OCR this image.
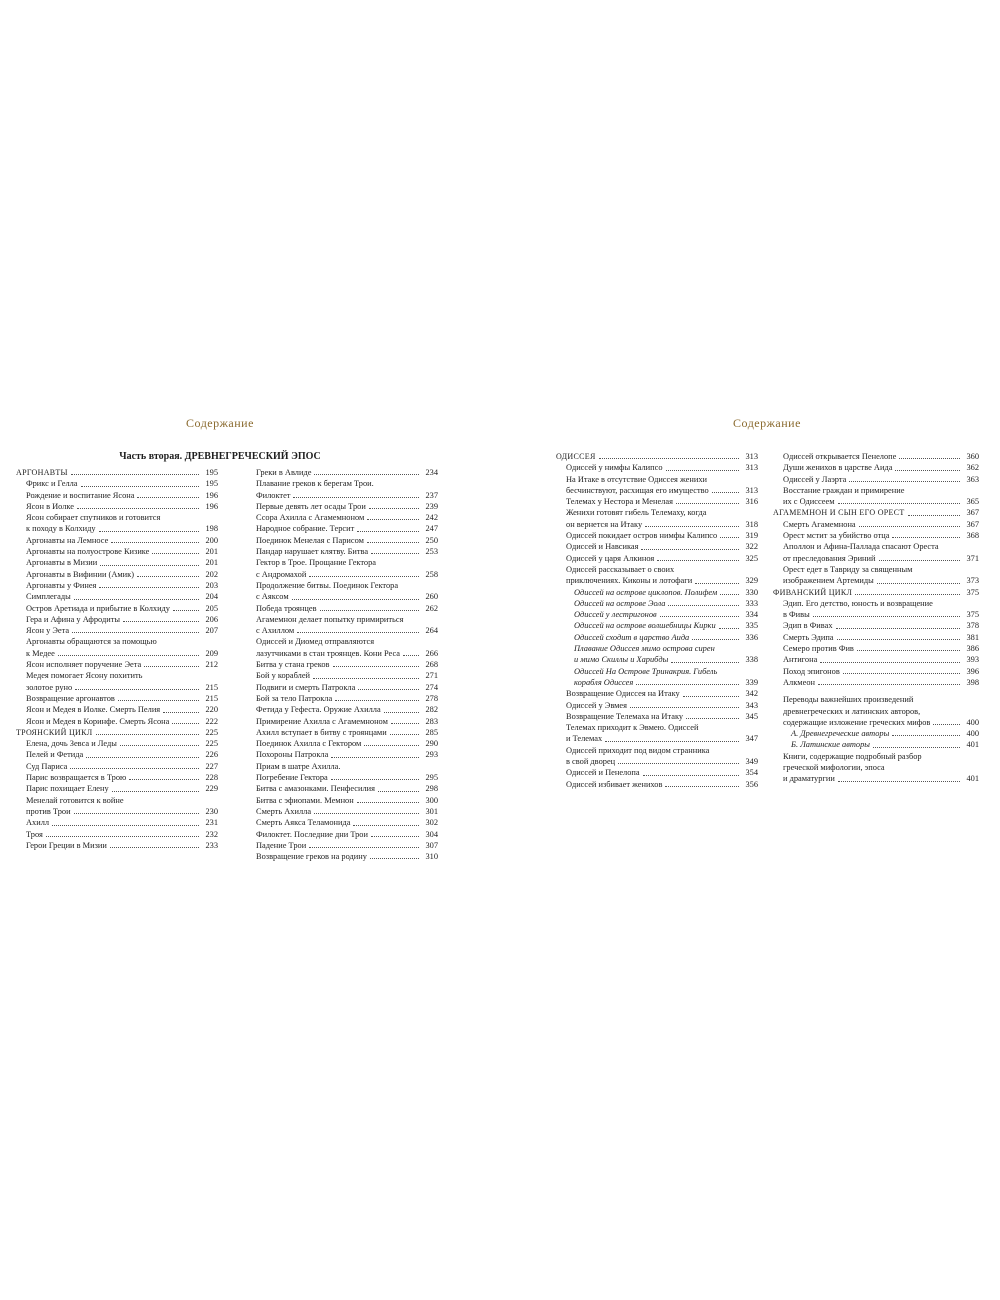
Содержание
Часть вторая. ДРЕВНЕГРЕЧЕСКИЙ ЭПОС
АРГОНАВТЫ	195
Фрикс и Гелла	195
Рождение и воспитание Ясона	196
Ясон в Иолке	196
Ясон собирает спутников и готовится
к походу в Колхиду	198
Аргонавты на Лемносе	200
Аргонавты на полуострове Кизике	201
Аргонавты в Мизии	201
Аргонавты в Вифинии (Амик)	202
Аргонавты у Финея	203
Симплегады	204
Остров Аретиада и прибытие в Колхиду	205
Гера и Афина у Афродиты	206
Ясон у Эета	207
Аргонавты обращаются за помощью
к Медее	209
Ясон исполняет поручение Эета	212
Медея помогает Ясону похитить
золотое руно	215
Возвращение аргонавтов	215
Ясон и Медея в Иолке. Смерть Пелия	220
Ясон и Медея в Коринфе. Смерть Ясона	222
ТРОЯНСКИЙ ЦИКЛ	225
Елена, дочь Зевса и Леды	225
Пелей и Фетида	226
Суд Париса	227
Парис возвращается в Трою	228
Парис похищает Елену	229
Менелай готовится к войне
против Трои	230
Ахилл	231
Троя	232
Герои Греции в Мизии	233
Греки в Авлиде	234
Плавание греков к берегам Трои.
Филоктет	237
Первые девять лет осады Трои	239
Ссора Ахилла с Агамемноном	242
Народное собрание. Терсит	247
Поединок Менелая с Парисом	250
Пандар нарушает клятву. Битва	253
Гектор в Трое. Прощание Гектора
с Андромахой	258
Продолжение битвы. Поединок Гектора
с Аяксом	260
Победа троянцев	262
Агамемнон делает попытку примириться
с Ахиллом	264
Одиссей и Диомед отправляются
лазутчиками в стан троянцев. Кони Реса	266
Битва у стана греков	268
Бой у кораблей	271
Подвиги и смерть Патрокла	274
Бой за тело Патрокла	278
Фетида у Гефеста. Оружие Ахилла	282
Примирение Ахилла с Агамемноном	283
Ахилл вступает в битву с троянцами	285
Поединок Ахилла с Гектором	290
Похороны Патрокла	293
Приам в шатре Ахилла.
Погребение Гектора	295
Битва с амазонками. Пенфесилия	298
Битва с эфиопами. Мемнон	300
Смерть Ахилла	301
Смерть Аякса Теламонида	302
Филоктет. Последние дни Трои	304
Падение Трои	307
Возвращение греков на родину	310
Содержание
ОДИССЕЯ	313
Одиссей у нимфы Калипсо	313
На Итаке в отсутствие Одиссея женихи
бесчинствуют, расхищая его имущество	313
Телемах у Нестора и Менелая	316
Женихи готовят гибель Телемаху, когда
он вернется на Итаку	318
Одиссей покидает остров нимфы Калипсо	319
Одиссей и Навсикая	322
Одиссей у царя Алкиноя	325
Одиссей рассказывает о своих
приключениях. Киконы и лотофаги	329
Одиссей на острове циклопов. Полифем	330
Одиссей на острове Эола	333
Одиссей у лестригонов	334
Одиссей на острове волшебницы Кирки	335
Одиссей сходит в царство Аида	336
Плавание Одиссея мимо острова сирен
и мимо Скиллы и Харибды	338
Одиссей На Острове Тринакрия. Гибель
корабля Одиссея	339
Возвращение Одиссея на Итаку	342
Одиссей у Эвмея	343
Возвращение Телемаха на Итаку	345
Телемах приходит к Эвмею. Одиссей
и Телемах	347
Одиссей приходит под видом странника
в свой дворец	349
Одиссей и Пенелопа	354
Одиссей избивает женихов	356
Одиссей открывается Пенелопе	360
Души женихов в царстве Аида	362
Одиссей у Лаэрта	363
Восстание граждан и примирение
их с Одиссеем	365
АГАМЕМНОН И СЫН ЕГО ОРЕСТ	367
Смерть Агамемнона	367
Орест мстит за убийство отца	368
Аполлон и Афина-Паллада спасают Ореста
от преследования Эриний	371
Орест едет в Тавриду за священным
изображением Артемиды	373
ФИВАНСКИЙ ЦИКЛ	375
Эдип. Его детство, юность и возвращение
в Фивы	375
Эдип в Фивах	378
Смерть Эдипа	381
Семеро против Фив	386
Антигона	393
Поход эпигонов	396
Алкмеон	398
Переводы важнейших произведений
древнегреческих и латинских авторов,
содержащие изложение греческих мифов	400
А. Древнегреческие авторы	400
Б. Латинские авторы	401
Книги, содержащие подробный разбор
греческой мифологии, эпоса
и драматургии	401
